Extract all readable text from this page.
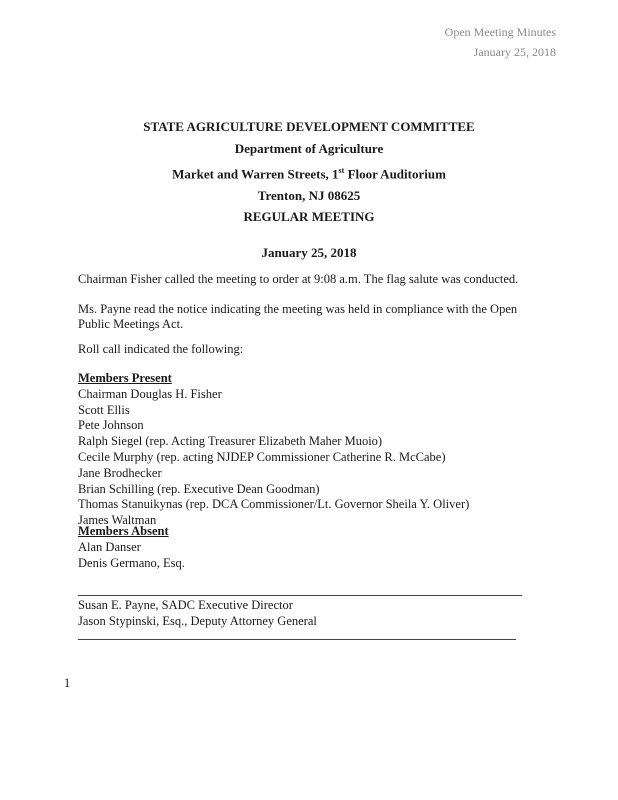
Open Meeting Minutes
January 25, 2018
STATE AGRICULTURE DEVELOPMENT COMMITTEE
Department of Agriculture
Market and Warren Streets, 1st Floor Auditorium
Trenton, NJ 08625
REGULAR MEETING
January 25, 2018
Chairman Fisher called the meeting to order at 9:08 a.m. The flag salute was conducted.
Ms. Payne read the notice indicating the meeting was held in compliance with the Open Public Meetings Act.
Roll call indicated the following:
Members Present
Chairman Douglas H. Fisher
Scott Ellis
Pete Johnson
Ralph Siegel (rep. Acting Treasurer Elizabeth Maher Muoio)
Cecile Murphy (rep. acting NJDEP Commissioner Catherine R. McCabe)
Jane Brodhecker
Brian Schilling (rep. Executive Dean Goodman)
Thomas Stanuikynas (rep. DCA Commissioner/Lt. Governor Sheila Y. Oliver)
James Waltman
Members Absent
Alan Danser
Denis Germano, Esq.
Susan E. Payne, SADC Executive Director
Jason Stypinski, Esq., Deputy Attorney General
1
